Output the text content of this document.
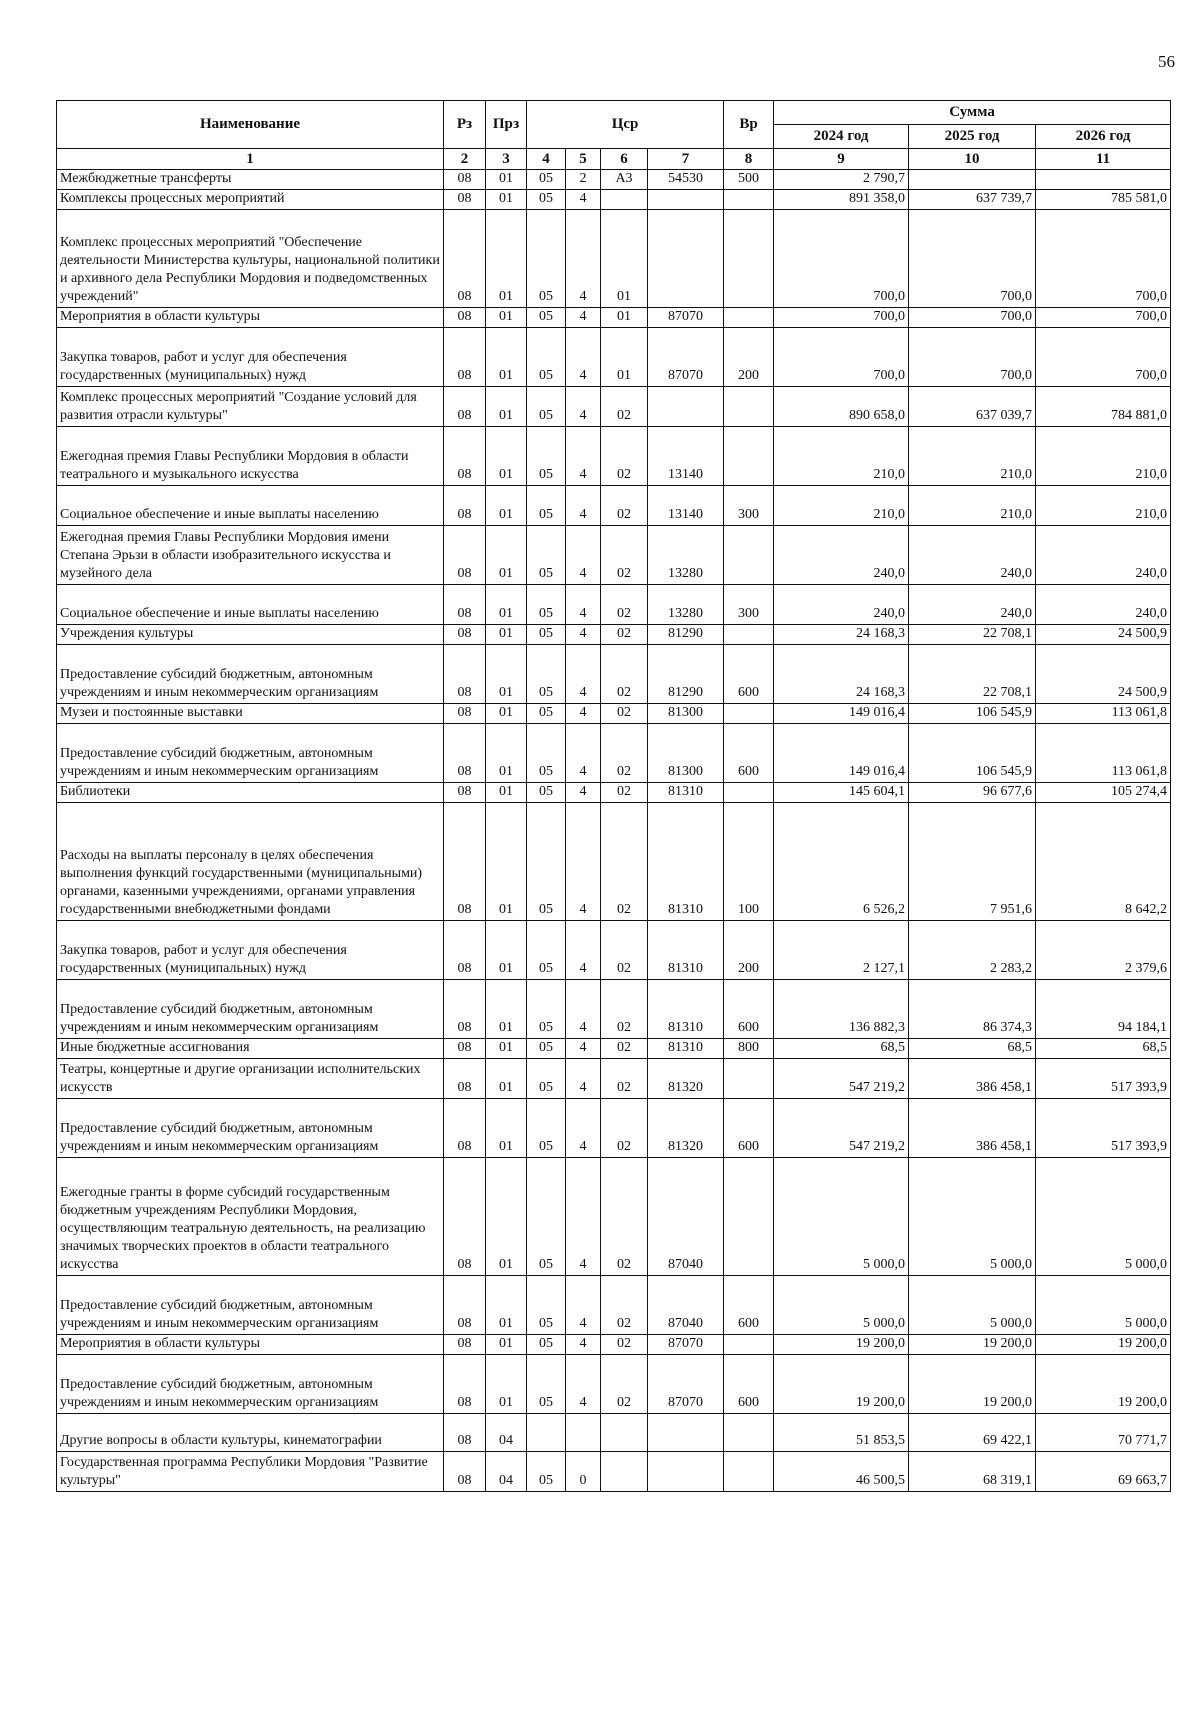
56
Наименование	Рз	Прз	Цср				Вр	Сумма		
								2024 год	2025 год	2026 год
1	2	3	4	5	6	7	8	9	10	11
Межбюджетные трансферты	08	01	05	2	А3	54530	500	2 790,7		
Комплексы процессных мероприятий	08	01	05	4				891 358,0	637 739,7	785 581,0
Комплекс процессных мероприятий "Обеспечение деятельности Министерства культуры, национальной политики и архивного дела Республики Мордовия и подведомственных учреждений"	08	01	05	4	01			700,0	700,0	700,0
Мероприятия в области культуры	08	01	05	4	01	87070		700,0	700,0	700,0
Закупка товаров, работ и услуг для обеспечения государственных (муниципальных) нужд	08	01	05	4	01	87070	200	700,0	700,0	700,0
Комплекс процессных мероприятий "Создание условий для развития отрасли культуры"	08	01	05	4	02			890 658,0	637 039,7	784 881,0
Ежегодная премия Главы Республики Мордовия в области театрального и музыкального искусства	08	01	05	4	02	13140		210,0	210,0	210,0
Социальное обеспечение и иные выплаты населению	08	01	05	4	02	13140	300	210,0	210,0	210,0
Ежегодная премия Главы Республики Мордовия имени Степана Эрьзи в области изобразительного искусства и музейного дела	08	01	05	4	02	13280		240,0	240,0	240,0
Социальное обеспечение и иные выплаты населению	08	01	05	4	02	13280	300	240,0	240,0	240,0
Учреждения культуры	08	01	05	4	02	81290		24 168,3	22 708,1	24 500,9
Предоставление субсидий бюджетным, автономным учреждениям и иным некоммерческим организациям	08	01	05	4	02	81290	600	24 168,3	22 708,1	24 500,9
Музеи и постоянные выставки	08	01	05	4	02	81300		149 016,4	106 545,9	113 061,8
Предоставление субсидий бюджетным, автономным учреждениям и иным некоммерческим организациям	08	01	05	4	02	81300	600	149 016,4	106 545,9	113 061,8
Библиотеки	08	01	05	4	02	81310		145 604,1	96 677,6	105 274,4
Расходы на выплаты персоналу в целях обеспечения выполнения функций государственными (муниципальными) органами, казенными учреждениями, органами управления государственными внебюджетными фондами	08	01	05	4	02	81310	100	6 526,2	7 951,6	8 642,2
Закупка товаров, работ и услуг для обеспечения государственных (муниципальных) нужд	08	01	05	4	02	81310	200	2 127,1	2 283,2	2 379,6
Предоставление субсидий бюджетным, автономным учреждениям и иным некоммерческим организациям	08	01	05	4	02	81310	600	136 882,3	86 374,3	94 184,1
Иные бюджетные ассигнования	08	01	05	4	02	81310	800	68,5	68,5	68,5
Театры, концертные и другие организации исполнительских искусств	08	01	05	4	02	81320		547 219,2	386 458,1	517 393,9
Предоставление субсидий бюджетным, автономным учреждениям и иным некоммерческим организациям	08	01	05	4	02	81320	600	547 219,2	386 458,1	517 393,9
Ежегодные гранты в форме субсидий государственным бюджетным учреждениям Республики Мордовия, осуществляющим театральную деятельность, на реализацию значимых творческих проектов в области театрального искусства	08	01	05	4	02	87040		5 000,0	5 000,0	5 000,0
Предоставление субсидий бюджетным, автономным учреждениям и иным некоммерческим организациям	08	01	05	4	02	87040	600	5 000,0	5 000,0	5 000,0
Мероприятия в области культуры	08	01	05	4	02	87070		19 200,0	19 200,0	19 200,0
Предоставление субсидий бюджетным, автономным учреждениям и иным некоммерческим организациям	08	01	05	4	02	87070	600	19 200,0	19 200,0	19 200,0
Другие вопросы в области культуры, кинематографии	08	04						51 853,5	69 422,1	70 771,7
Государственная программа Республики Мордовия "Развитие культуры"	08	04	05	0				46 500,5	68 319,1	69 663,7
